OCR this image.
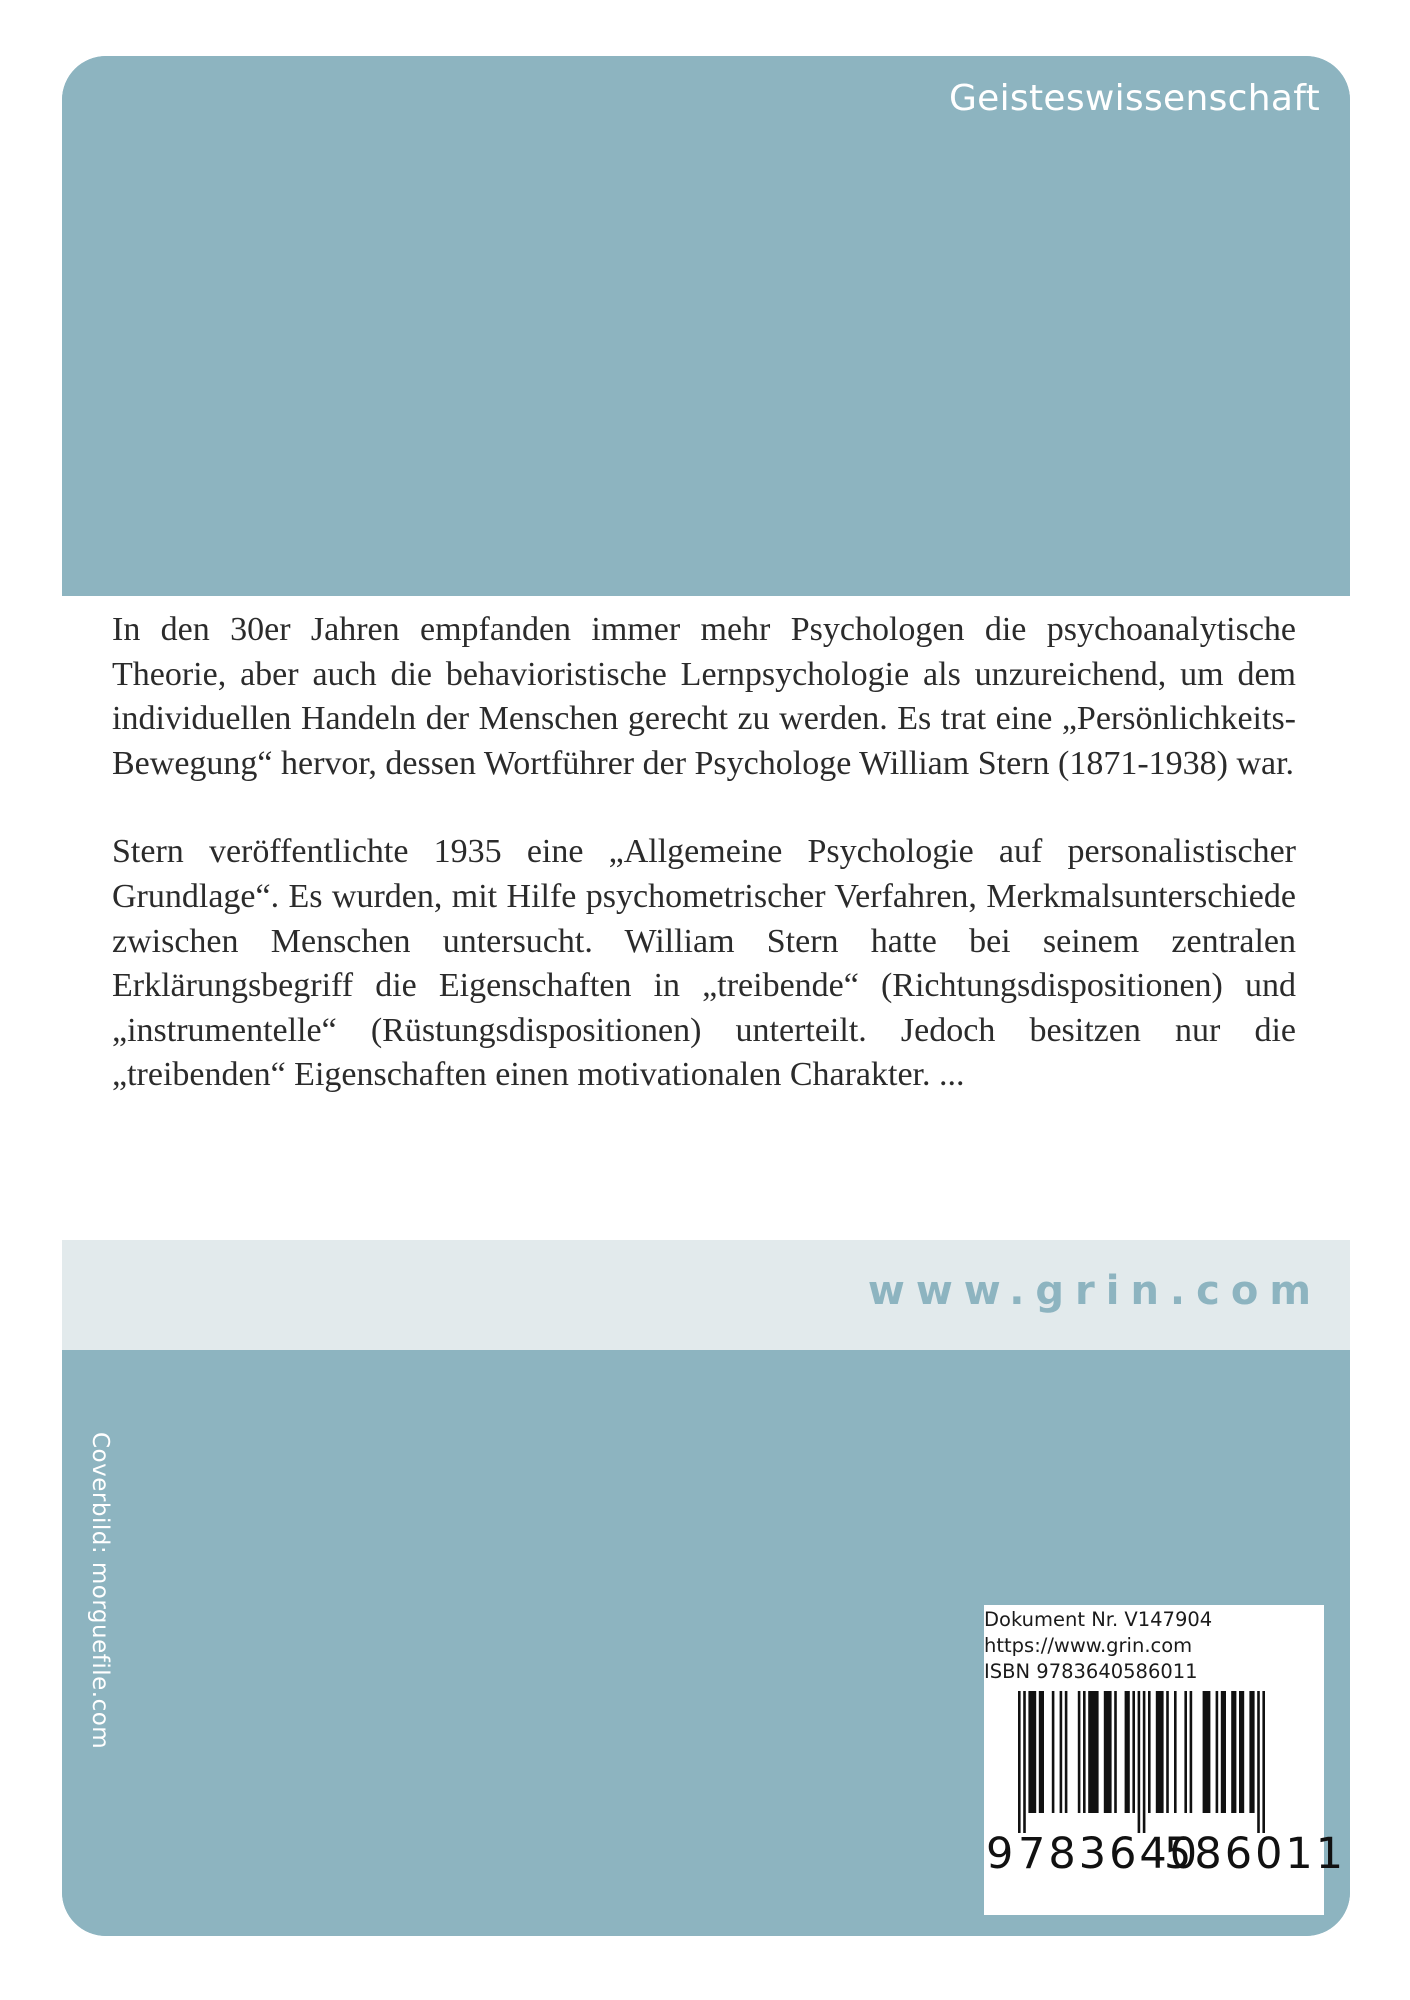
Geisteswissenschaft

In den 30er Jahren empfanden immer mehr Psychologen die psychoanalytische Theorie, aber auch die behavioristische Lernpsychologie als unzureichend, um dem individuellen Handeln der Menschen gerecht zu werden. Es trat eine „Persönlichkeits-Bewegung“ hervor, dessen Wortführer der Psychologe William Stern (1871-1938) war.

Stern veröffentlichte 1935 eine „Allgemeine Psychologie auf personalistischer Grundlage“. Es wurden, mit Hilfe psychometrischer Verfahren, Merkmalsunterschiede zwischen Menschen untersucht. William Stern hatte bei seinem zentralen Erklärungsbegriff die Eigenschaften in „treibende“ (Richtungsdispositionen) und „instrumentelle“ (Rüstungsdispositionen) unterteilt. Jedoch besitzen nur die „treibenden“ Eigenschaften einen motivationalen Charakter. ...

www.grin.com
Coverbild: morguefile.com	Dokument Nr. V147904
https://www.grin.com
ISBN 9783640586011
9 783640
586011
